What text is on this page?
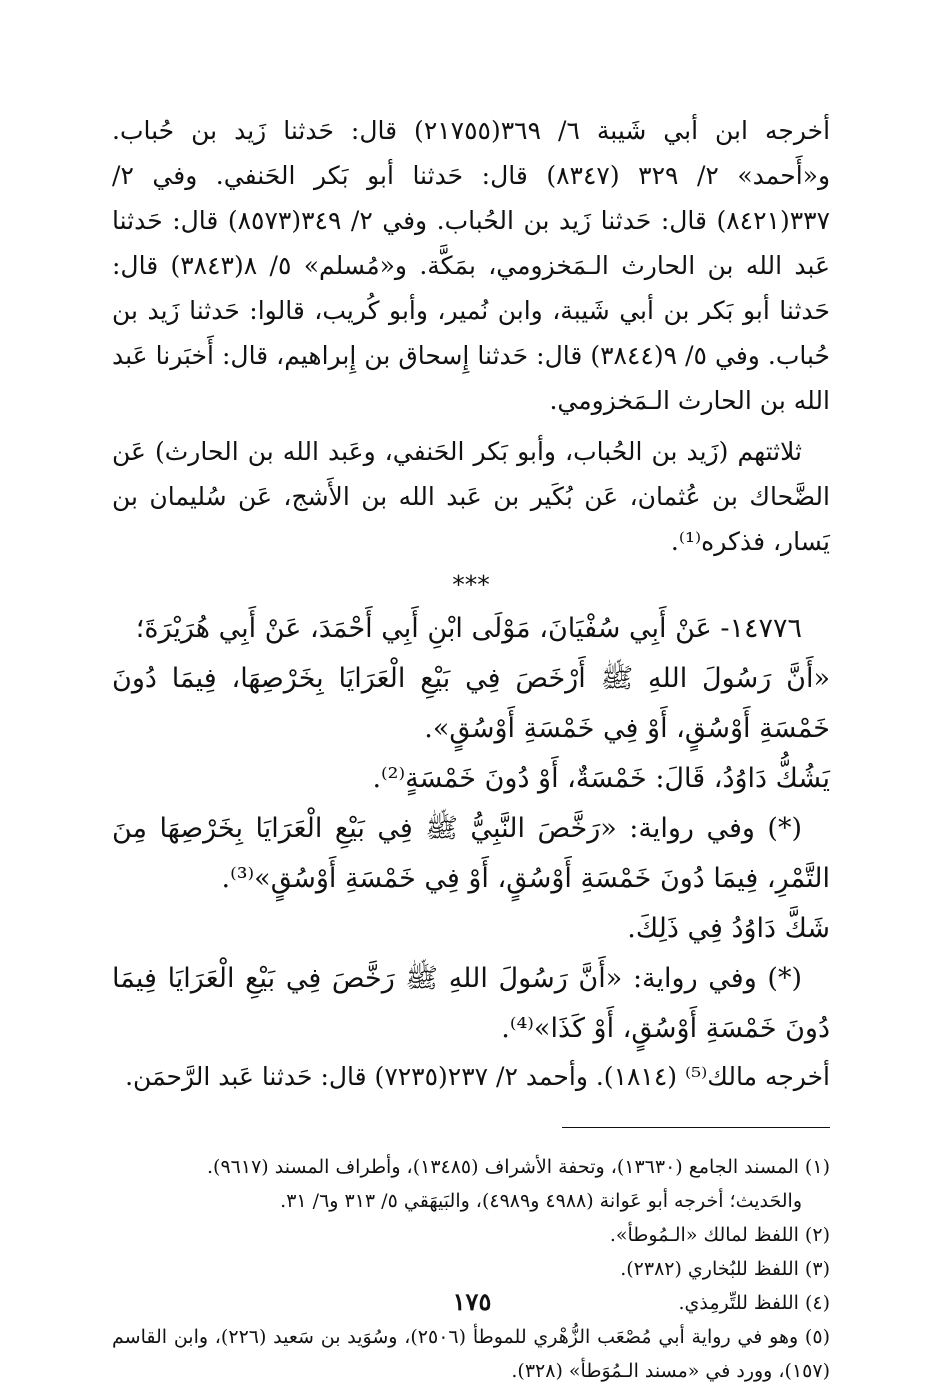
أخرجه ابن أبي شَيبة ٦/ ٣٦٩(٢١٧٥٥) قال: حَدثنا زَيد بن حُباب. و«أَحمد» ٢/ ٣٢٩ (٨٣٤٧) قال: حَدثنا أبو بَكر الحَنفي. وفي ٢/ ٣٣٧(٨٤٢١) قال: حَدثنا زَيد بن الحُباب. وفي ٢/ ٣٤٩(٨٥٧٣) قال: حَدثنا عَبد الله بن الحارث الـمَخزومي، بمَكَّة. و«مُسلم» ٥/ ٨(٣٨٤٣) قال: حَدثنا أبو بَكر بن أبي شَيبة، وابن نُمير، وأبو كُريب، قالوا: حَدثنا زَيد بن حُباب. وفي ٥/ ٩(٣٨٤٤) قال: حَدثنا إِسحاق بن إِبراهيم، قال: أَخبَرنا عَبد الله بن الحارث الـمَخزومي.

ثلاثتهم (زَيد بن الحُباب، وأبو بَكر الحَنفي، وعَبد الله بن الحارث) عَن الضَّحاك بن عُثمان، عَن بُكَير بن عَبد الله بن الأَشج، عَن سُليمان بن يَسار، فذكره⁽¹⁾.

***

١٤٧٧٦- عَنْ أَبِي سُفْيَانَ، مَوْلَى ابْنِ أَبِي أَحْمَدَ، عَنْ أَبِي هُرَيْرَةَ؛

«أَنَّ رَسُولَ اللهِ ﷺ أَرْخَصَ فِي بَيْعِ الْعَرَايَا بِخَرْصِهَا، فِيمَا دُونَ خَمْسَةِ أَوْسُقٍ، أَوْ فِي خَمْسَةِ أَوْسُقٍ».

يَشُكُّ دَاوُدُ، قَالَ: خَمْسَةٌ، أَوْ دُونَ خَمْسَةٍ⁽²⁾.

(*) وفي رواية: «رَخَّصَ النَّبِيُّ ﷺ فِي بَيْعِ الْعَرَايَا بِخَرْصِهَا مِنَ التَّمْرِ، فِيمَا دُونَ خَمْسَةِ أَوْسُقٍ، أَوْ فِي خَمْسَةِ أَوْسُقٍ»⁽³⁾.

شَكَّ دَاوُدُ فِي ذَلِكَ.

(*) وفي رواية: «أَنَّ رَسُولَ اللهِ ﷺ رَخَّصَ فِي بَيْعِ الْعَرَايَا فِيمَا دُونَ خَمْسَةِ أَوْسُقٍ، أَوْ كَذَا»⁽⁴⁾.

أخرجه مالك⁽⁵⁾ (١٨١٤). وأحمد ٢/ ٢٣٧(٧٢٣٥) قال: حَدثنا عَبد الرَّحمَن.

(١) المسند الجامع (١٣٦٣٠)، وتحفة الأشراف (١٣٤٨٥)، وأطراف المسند (٩٦١٧).

والحَديث؛ أخرجه أبو عَوانة (٤٩٨٨ و٤٩٨٩)، والبَيهَقي ٥/ ٣١٣ و٦/ ٣١.

(٢) اللفظ لمالك «الـمُوطأ».

(٣) اللفظ للبُخاري (٢٣٨٢).

(٤) اللفظ للتِّرمِذي.

(٥) وهو في رواية أبي مُصْعَب الزُّهْري للموطأ (٢٥٠٦)، وسُوَيد بن سَعيد (٢٢٦)، وابن القاسم (١٥٧)، وورد في «مسند الـمُوَطأ» (٣٢٨).

١٧٥
